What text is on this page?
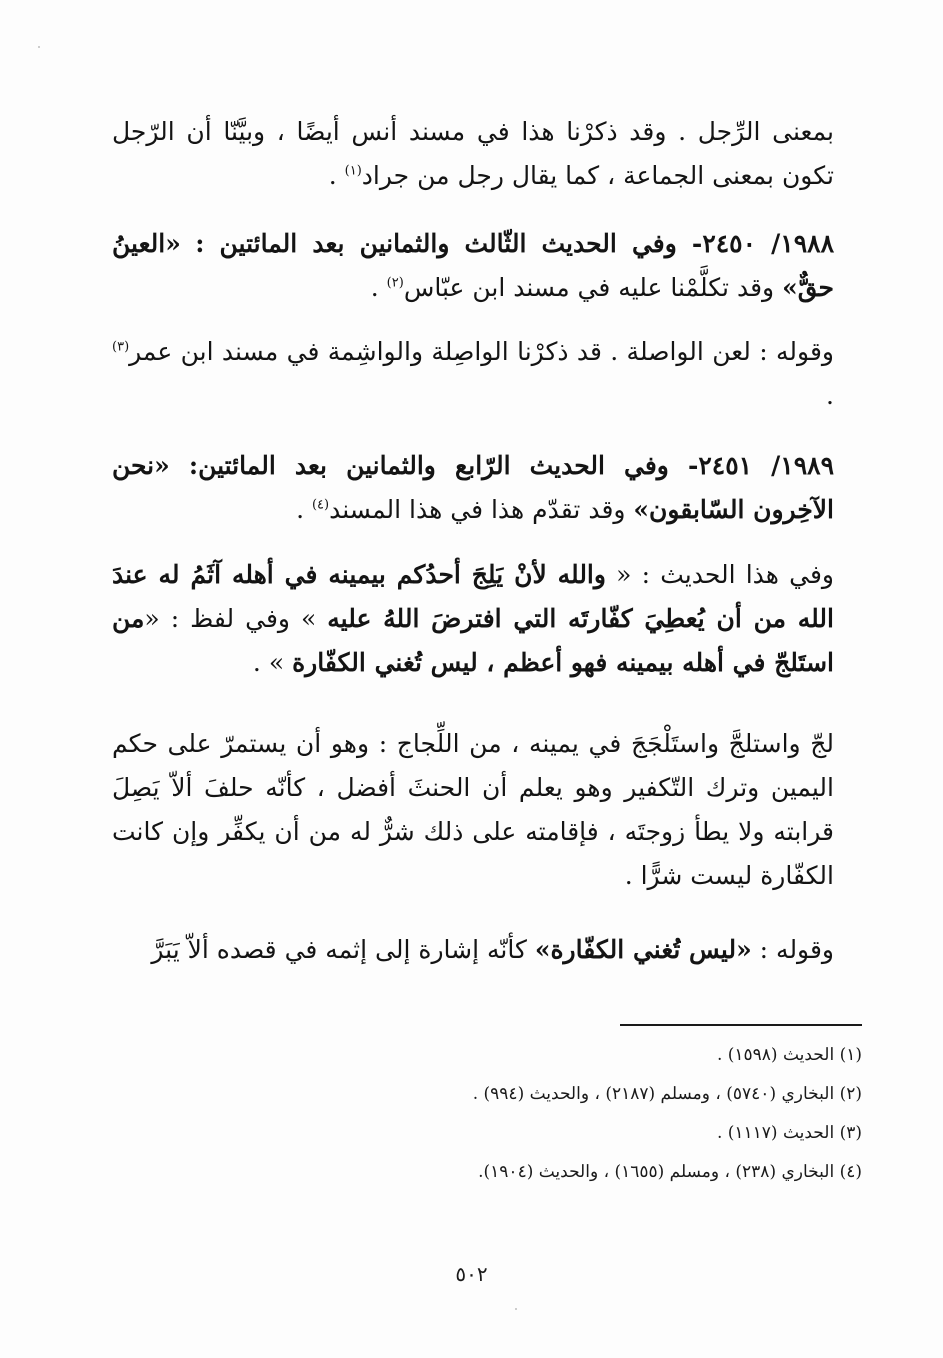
بمعنى الرِّجل . وقد ذكرْنا هذا في مسند أنس أيضًا ، وبيَّنّا أن الرّجل تكون بمعنى الجماعة ، كما يقال رجل من جراد$^{(١)}$ .
١٩٨٨/ ٢٤٥٠- وفي الحديث الثّالث والثمانين بعد المائتين : «العينُ حقٌّ» وقد تكلَّمْنا عليه في مسند ابن عبّاس$^{(٢)}$ .
وقوله : لعن الواصلة . قد ذكرْنا الواصِلة والواشِمة في مسند ابن عمر$^{(٣)}$ .
١٩٨٩/ ٢٤٥١- وفي الحديث الرّابع والثمانين بعد المائتين: «نحن الآخِرون السّابقون» وقد تقدّم هذا في هذا المسند$^{(٤)}$ .
وفي هذا الحديث : « والله لأنْ يَلِجَ أحدُكم بيمينه في أهله آثَمُ له عندَ الله من أن يُعطِيَ كفّارتَه التي افترضَ اللهُ عليه » وفي لفظ : «من استَلجّ في أهله بيمينه فهو أعظم ، ليس تُغني الكفّارة » .
لجّ واستلجَّ واستَلْجَجَ في يمينه ، من اللِّجاج : وهو أن يستمرّ على حكم اليمين وترك التّكفير وهو يعلم أن الحنثَ أفضل ، كأنّه حلفَ ألاّ يَصِلَ قرابته ولا يطأ زوجتَه ، فإقامته على ذلك شرٌّ له من أن يكفِّر وإن كانت الكفّارة ليست شرًّا .
وقوله : «ليس تُغني الكفّارة» كأنّه إشارة إلى إثمه في قصده ألاّ يَبَرَّ
(١) الحديث (١٥٩٨) .
(٢) البخاري (٥٧٤٠) ، ومسلم (٢١٨٧) ، والحديث (٩٩٤) .
(٣) الحديث (١١١٧) .
(٤) البخاري (٢٣٨) ، ومسلم (١٦٥٥) ، والحديث (١٩٠٤).
٥٠٢
